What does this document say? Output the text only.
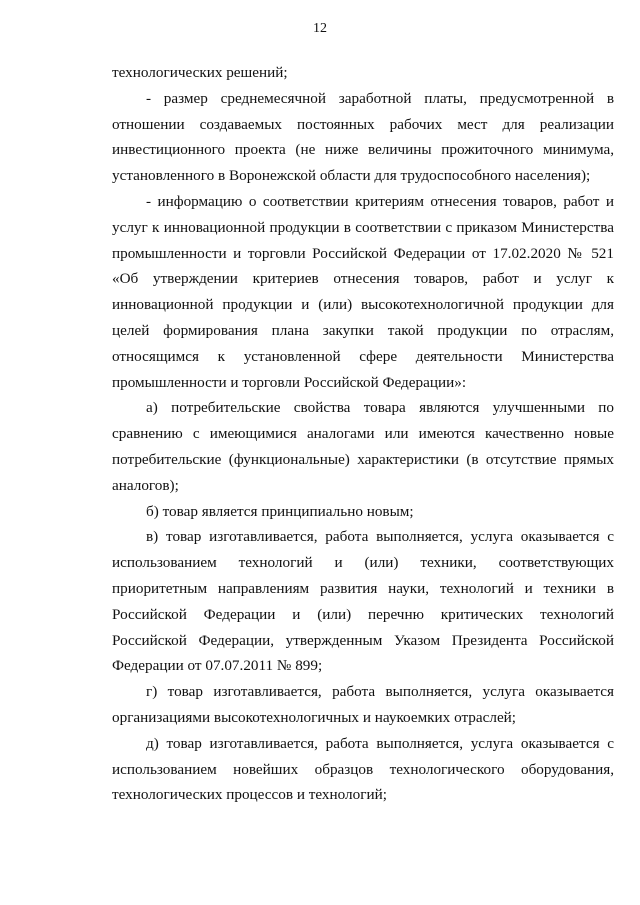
12

технологических решений;

- размер среднемесячной заработной платы, предусмотренной в отношении создаваемых постоянных рабочих мест для реализации инвестиционного проекта (не ниже величины прожиточного минимума, установленного в Воронежской области для трудоспособного населения);

- информацию о соответствии критериям отнесения товаров, работ и услуг к инновационной продукции в соответствии с приказом Министерства промышленности и торговли Российской Федерации от 17.02.2020 № 521 «Об утверждении критериев отнесения товаров, работ и услуг к инновационной продукции и (или) высокотехнологичной продукции для целей формирования плана закупки такой продукции по отраслям, относящимся к установленной сфере деятельности Министерства промышленности и торговли Российской Федерации»:

а) потребительские свойства товара являются улучшенными по сравнению с имеющимися аналогами или имеются качественно новые потребительские (функциональные) характеристики (в отсутствие прямых аналогов);

б) товар является принципиально новым;

в) товар изготавливается, работа выполняется, услуга оказывается с использованием технологий и (или) техники, соответствующих приоритетным направлениям развития науки, технологий и техники в Российской Федерации и (или) перечню критических технологий Российской Федерации, утвержденным Указом Президента Российской Федерации от 07.07.2011 № 899;

г) товар изготавливается, работа выполняется, услуга оказывается организациями высокотехнологичных и наукоемких отраслей;

д) товар изготавливается, работа выполняется, услуга оказывается с использованием новейших образцов технологического оборудования, технологических процессов и технологий;
